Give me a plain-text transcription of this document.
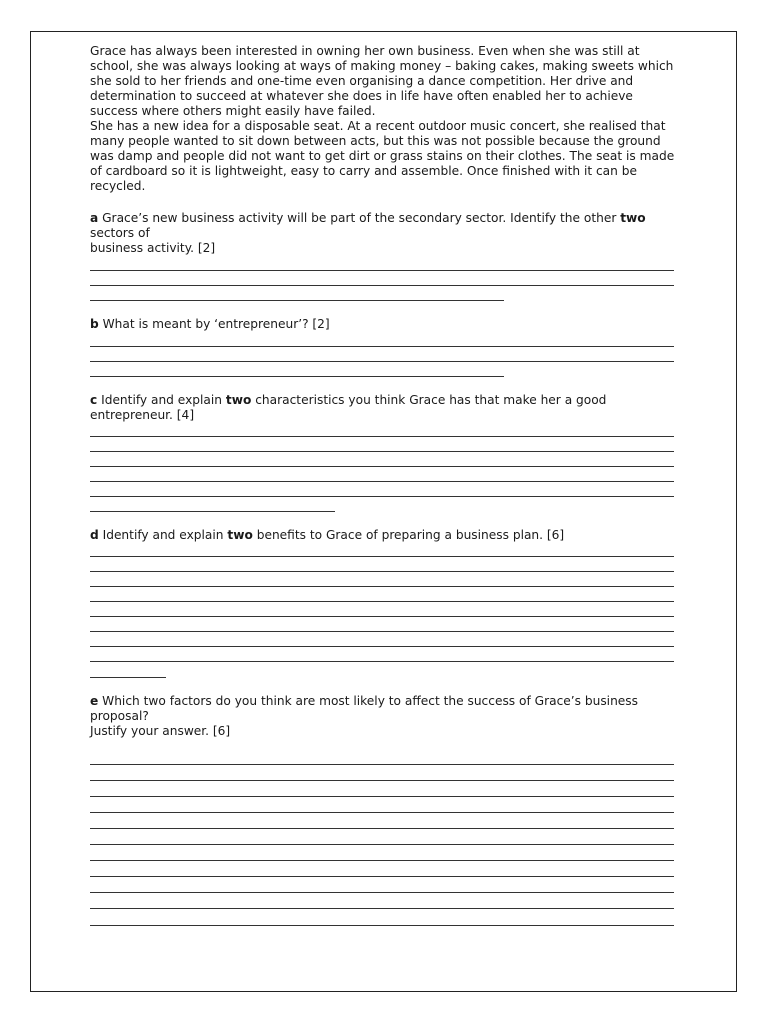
Grace has always been interested in owning her own business. Even when she was still at school, she was always looking at ways of making money – baking cakes, making sweets which she sold to her friends and one-time even organising a dance competition. Her drive and determination to succeed at whatever she does in life have often enabled her to achieve success where others might easily have failed.

She has a new idea for a disposable seat. At a recent outdoor music concert, she realised that many people wanted to sit down between acts, but this was not possible because the ground was damp and people did not want to get dirt or grass stains on their clothes. The seat is made of cardboard so it is lightweight, easy to carry and assemble. Once finished with it can be recycled.

a Grace’s new business activity will be part of the secondary sector. Identify the other two sectors of

business activity. [2]

b What is meant by ‘entrepreneur’? [2]

c Identify and explain two characteristics you think Grace has that make her a good entrepreneur. [4]

d Identify and explain two benefits to Grace of preparing a business plan. [6]

e Which two factors do you think are most likely to affect the success of Grace’s business proposal?

Justify your answer. [6]
